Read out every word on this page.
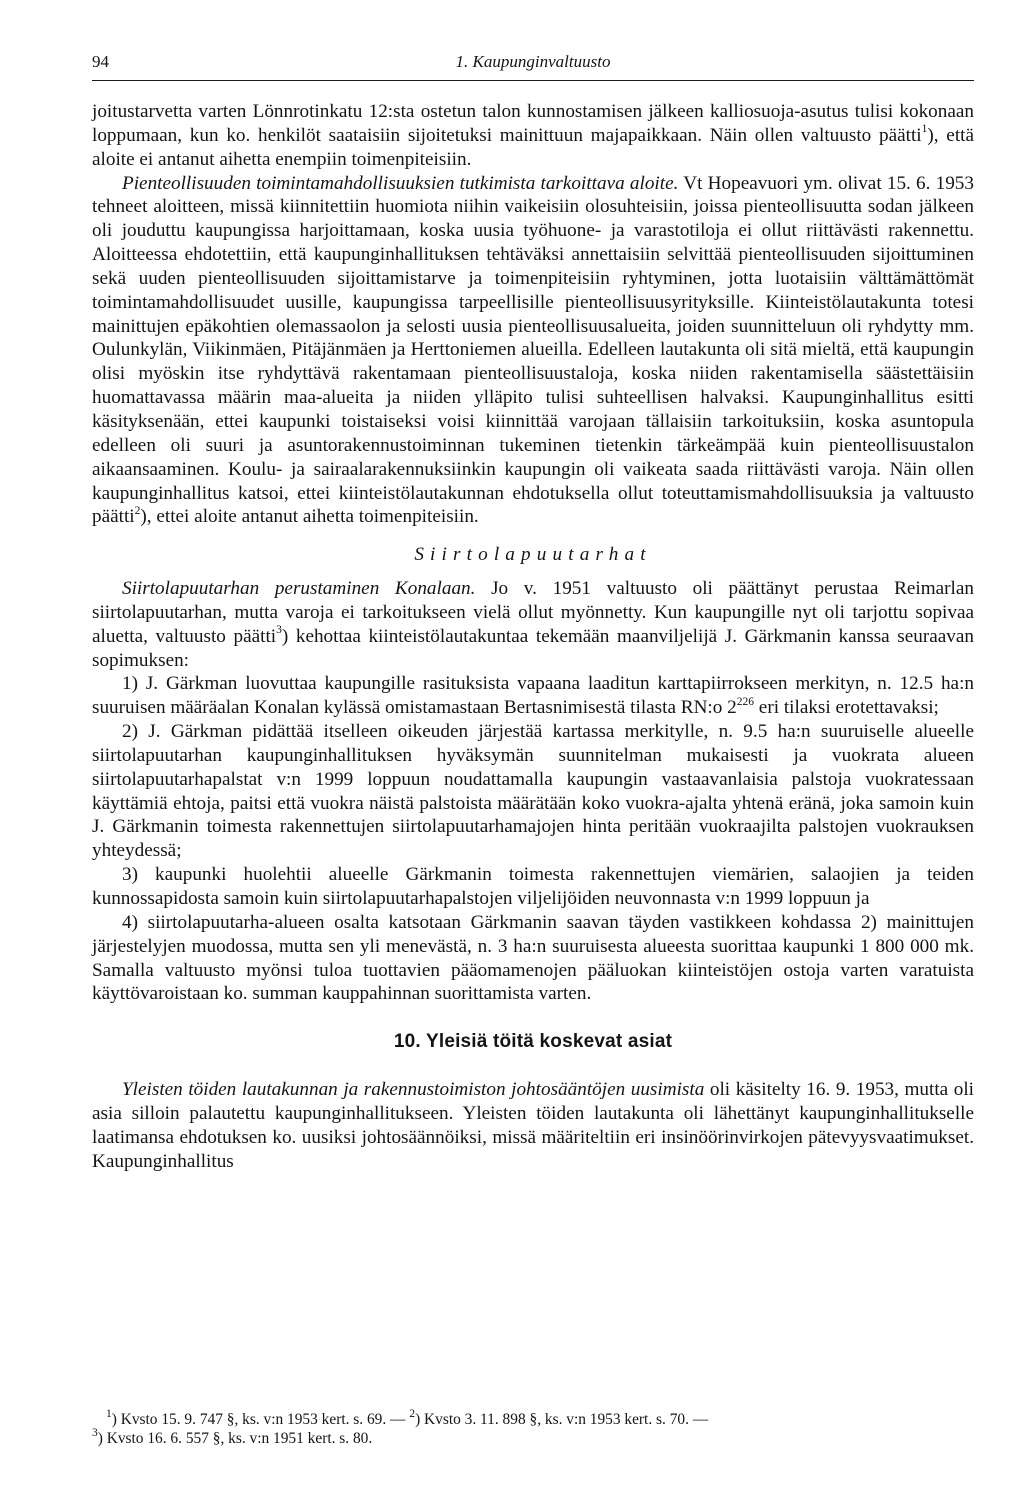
94	1. Kaupunginvaltuusto

joitustarvetta varten Lönnrotinkatu 12:sta ostetun talon kunnostamisen jälkeen kalliosuoja-asutus tulisi kokonaan loppumaan, kun ko. henkilöt saataisiin sijoitetuksi mainittuun majapaikkaan. Näin ollen valtuusto päätti$^1$), että aloite ei antanut aihetta enempiin toimenpiteisiin.

Pienteollisuuden toimintamahdollisuuksien tutkimista tarkoittava aloite. Vt Hopeavuori ym. olivat 15. 6. 1953 tehneet aloitteen, missä kiinnitettiin huomiota niihin vaikeisiin olosuhteisiin, joissa pienteollisuutta sodan jälkeen oli jouduttu kaupungissa harjoittamaan, koska uusia työhuone- ja varastotiloja ei ollut riittävästi rakennettu. Aloitteessa ehdotettiin, että kaupunginhallituksen tehtäväksi annettaisiin selvittää pienteollisuuden sijoittuminen sekä uuden pienteollisuuden sijoittamistarve ja toimenpiteisiin ryhtyminen, jotta luotaisiin välttämättömät toimintamahdollisuudet uusille, kaupungissa tarpeellisille pienteollisuusyrityksille. Kiinteistölautakunta totesi mainittujen epäkohtien olemassaolon ja selosti uusia pienteollisuusalueita, joiden suunnitteluun oli ryhdytty mm. Oulunkylän, Viikinmäen, Pitäjänmäen ja Herttoniemen alueilla. Edelleen lautakunta oli sitä mieltä, että kaupungin olisi myöskin itse ryhdyttävä rakentamaan pienteollisuustaloja, koska niiden rakentamisella säästettäisiin huomattavassa määrin maa-alueita ja niiden ylläpito tulisi suhteellisen halvaksi. Kaupunginhallitus esitti käsityksenään, ettei kaupunki toistaiseksi voisi kiinnittää varojaan tällaisiin tarkoituksiin, koska asuntopula edelleen oli suuri ja asuntorakennustoiminnan tukeminen tietenkin tärkeämpää kuin pienteollisuustalon aikaansaaminen. Koulu- ja sairaalarakennuksiinkin kaupungin oli vaikeata saada riittävästi varoja. Näin ollen kaupunginhallitus katsoi, ettei kiinteistölautakunnan ehdotuksella ollut toteuttamismahdollisuuksia ja valtuusto päätti$^2$), ettei aloite antanut aihetta toimenpiteisiin.

Siirtolapuutarhat

Siirtolapuutarhan perustaminen Konalaan. Jo v. 1951 valtuusto oli päättänyt perustaa Reimarlan siirtolapuutarhan, mutta varoja ei tarkoitukseen vielä ollut myönnetty. Kun kaupungille nyt oli tarjottu sopivaa aluetta, valtuusto päätti$^3$) kehottaa kiinteistölautakuntaa tekemään maanviljelijä J. Gärkmanin kanssa seuraavan sopimuksen:

1) J. Gärkman luovuttaa kaupungille rasituksista vapaana laaditun karttapiirrokseen merkityn, n. 12.5 ha:n suuruisen määräalan Konalan kylässä omistamastaan Bertasnimisestä tilasta RN:o $2^{226}$ eri tilaksi erotettavaksi;

2) J. Gärkman pidättää itselleen oikeuden järjestää kartassa merkitylle, n. 9.5 ha:n suuruiselle alueelle siirtolapuutarhan kaupunginhallituksen hyväksymän suunnitelman mukaisesti ja vuokrata alueen siirtolapuutarhapalstat v:n 1999 loppuun noudattamalla kaupungin vastaavanlaisia palstoja vuokratessaan käyttämiä ehtoja, paitsi että vuokra näistä palstoista määrätään koko vuokra-ajalta yhtenä eränä, joka samoin kuin J. Gärkmanin toimesta rakennettujen siirtolapuutarhamajojen hinta peritään vuokraajilta palstojen vuokrauksen yhteydessä;

3) kaupunki huolehtii alueelle Gärkmanin toimesta rakennettujen viemärien, salaojien ja teiden kunnossapidosta samoin kuin siirtolapuutarhapalstojen viljelijöiden neuvonnasta v:n 1999 loppuun ja

4) siirtolapuutarha-alueen osalta katsotaan Gärkmanin saavan täyden vastikkeen kohdassa 2) mainittujen järjestelyjen muodossa, mutta sen yli menevästä, n. 3 ha:n suuruisesta alueesta suorittaa kaupunki 1 800 000 mk. Samalla valtuusto myönsi tuloa tuottavien pääomamenojen pääluokan kiinteistöjen ostoja varten varatuista käyttövaroistaan ko. summan kauppahinnan suorittamista varten.

10. Yleisiä töitä koskevat asiat

Yleisten töiden lautakunnan ja rakennustoimiston johtosääntöjen uusimista oli käsitelty 16. 9. 1953, mutta oli asia silloin palautettu kaupunginhallitukseen. Yleisten töiden lautakunta oli lähettänyt kaupunginhallitukselle laatimansa ehdotuksen ko. uusiksi johtosäännöiksi, missä määriteltiin eri insinöörinvirkojen pätevyysvaatimukset. Kaupunginhallitus

$^1$) Kvsto 15. 9. 747 §, ks. v:n 1953 kert. s. 69. — $^2$) Kvsto 3. 11. 898 §, ks. v:n 1953 kert. s. 70. —

$^3$) Kvsto 16. 6. 557 §, ks. v:n 1951 kert. s. 80.
